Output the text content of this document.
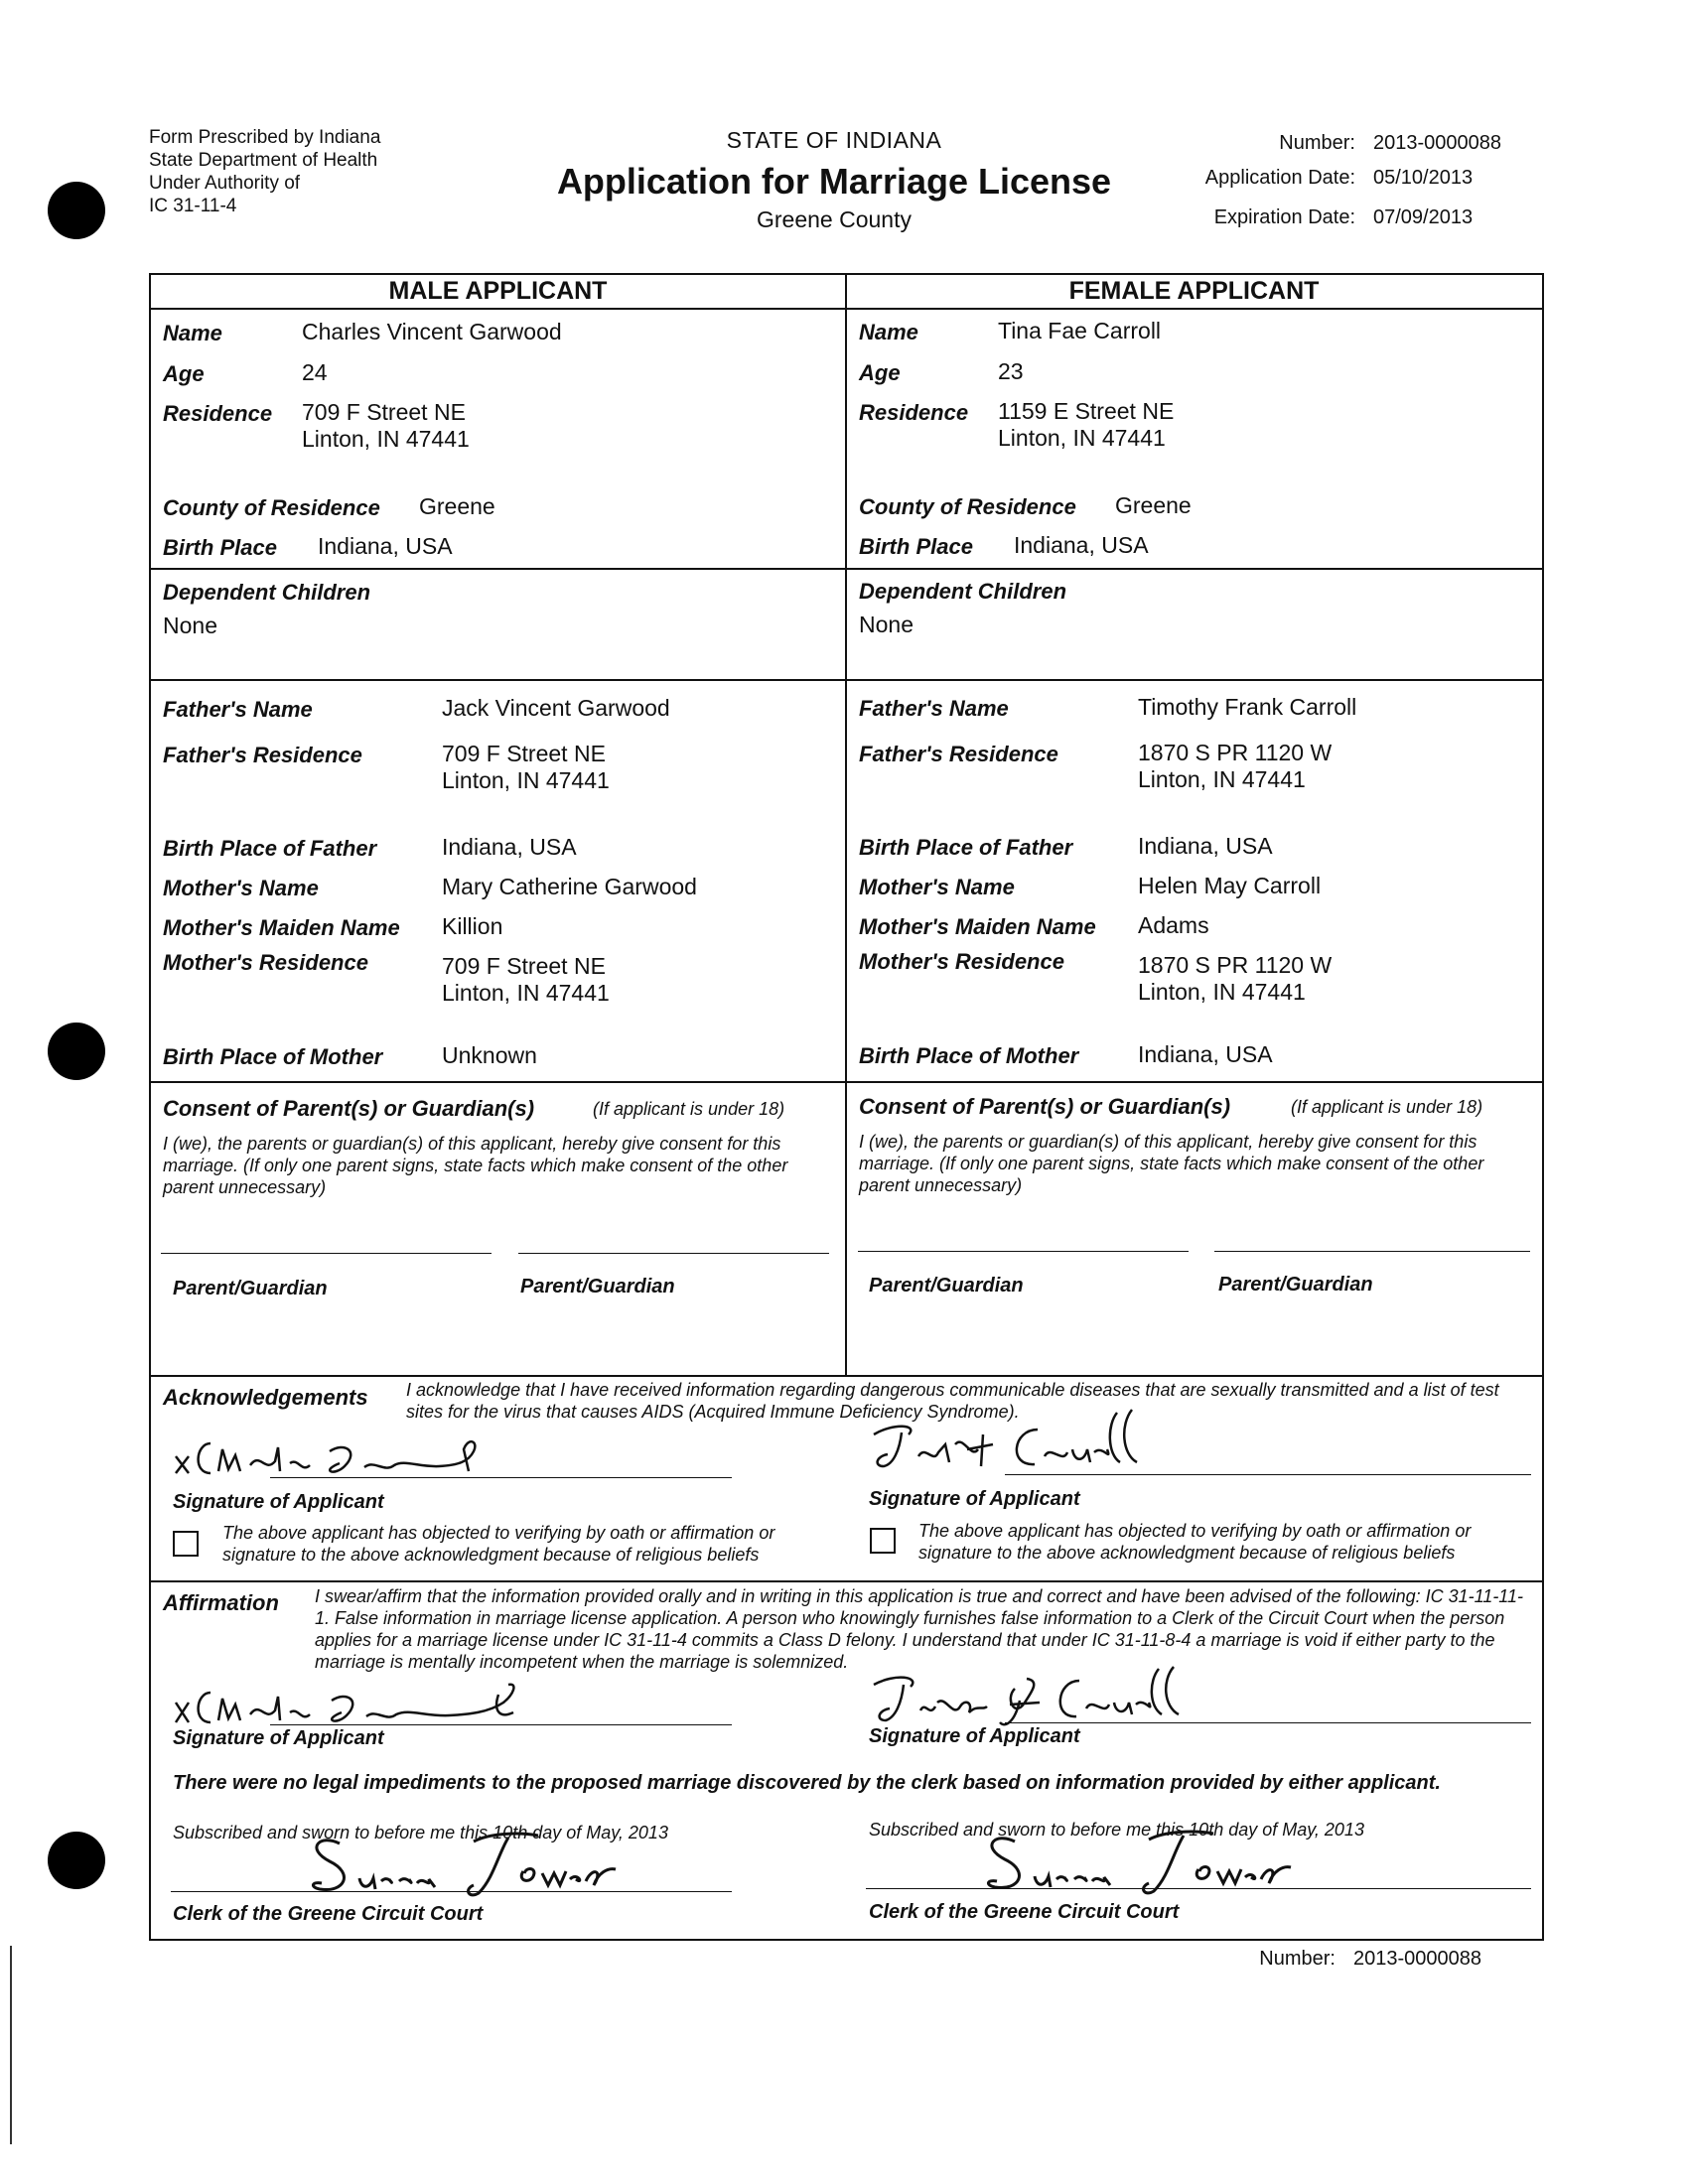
Form Prescribed by Indiana
State Department of Health
Under Authority of
IC 31-11-4
STATE OF INDIANA
Application for Marriage License
Greene County
Number: 2013-0000088
Application Date: 05/10/2013
Expiration Date: 07/09/2013
MALE APPLICANT	FEMALE APPLICANT
Name	Charles Vincent Garwood
Age	24
Residence 709 F Street NE
Linton, IN 47441
County of Residence Greene
Birth Place Indiana, USA
Dependent Children
None
Father's Name	Jack Vincent Garwood
Father's Residence	709 F Street NE
Linton, IN 47441
Birth Place of Father	Indiana, USA
Mother's Name	Mary Catherine Garwood
Mother's Maiden Name Killion
Mother's Residence	709 F Street NE
Linton, IN 47441
Birth Place of Mother	Unknown
Consent of Parent(s) or Guardian(s)	(If applicant is under 18)
I (we), the parents or guardian(s) of this applicant, hereby give consent for this marriage. (If only one parent signs, state facts which make consent of the other parent unnecessary)
Parent/Guardian	Parent/Guardian
Name	Tina Fae Carroll
Age	23
Residence 1159 E Street NE
Linton, IN 47441
County of Residence Greene
Birth Place Indiana, USA
Dependent Children
None
Father's Name	Timothy Frank Carroll
Father's Residence	1870 S PR 1120 W
Linton, IN 47441
Birth Place of Father	Indiana, USA
Mother's Name	Helen May Carroll
Mother's Maiden Name Adams
Mother's Residence	1870 S PR 1120 W
Linton, IN 47441
Birth Place of Mother	Indiana, USA
Consent of Parent(s) or Guardian(s)	(If applicant is under 18)
I (we), the parents or guardian(s) of this applicant, hereby give consent for this marriage. (If only one parent signs, state facts which make consent of the other parent unnecessary)
Parent/Guardian	Parent/Guardian
Acknowledgements I acknowledge that I have received information regarding dangerous communicable diseases that are sexually transmitted and a list of test sites for the virus that causes AIDS (Acquired Immune Deficiency Syndrome).
Signature of Applicant
The above applicant has objected to verifying by oath or affirmation or signature to the above acknowledgment because of religious beliefs
Signature of Applicant
The above applicant has objected to verifying by oath or affirmation or signature to the above acknowledgment because of religious beliefs
Affirmation I swear/affirm that the information provided orally and in writing in this application is true and correct and have been advised of the following: IC 31-11-11-1. False information in marriage license application. A person who knowingly furnishes false information to a Clerk of the Circuit Court when the person applies for a marriage license under IC 31-11-4 commits a Class D felony. I understand that under IC 31-11-8-4 a marriage is void if either party to the marriage is mentally incompetent when the marriage is solemnized.
Signature of Applicant	Signature of Applicant
There were no legal impediments to the proposed marriage discovered by the clerk based on information provided by either applicant.
Subscribed and sworn to before me this 10th day of May, 2013	Subscribed and sworn to before me this 10th day of May, 2013
Clerk of the Greene Circuit Court	Clerk of the Greene Circuit Court
Number: 2013-0000088
